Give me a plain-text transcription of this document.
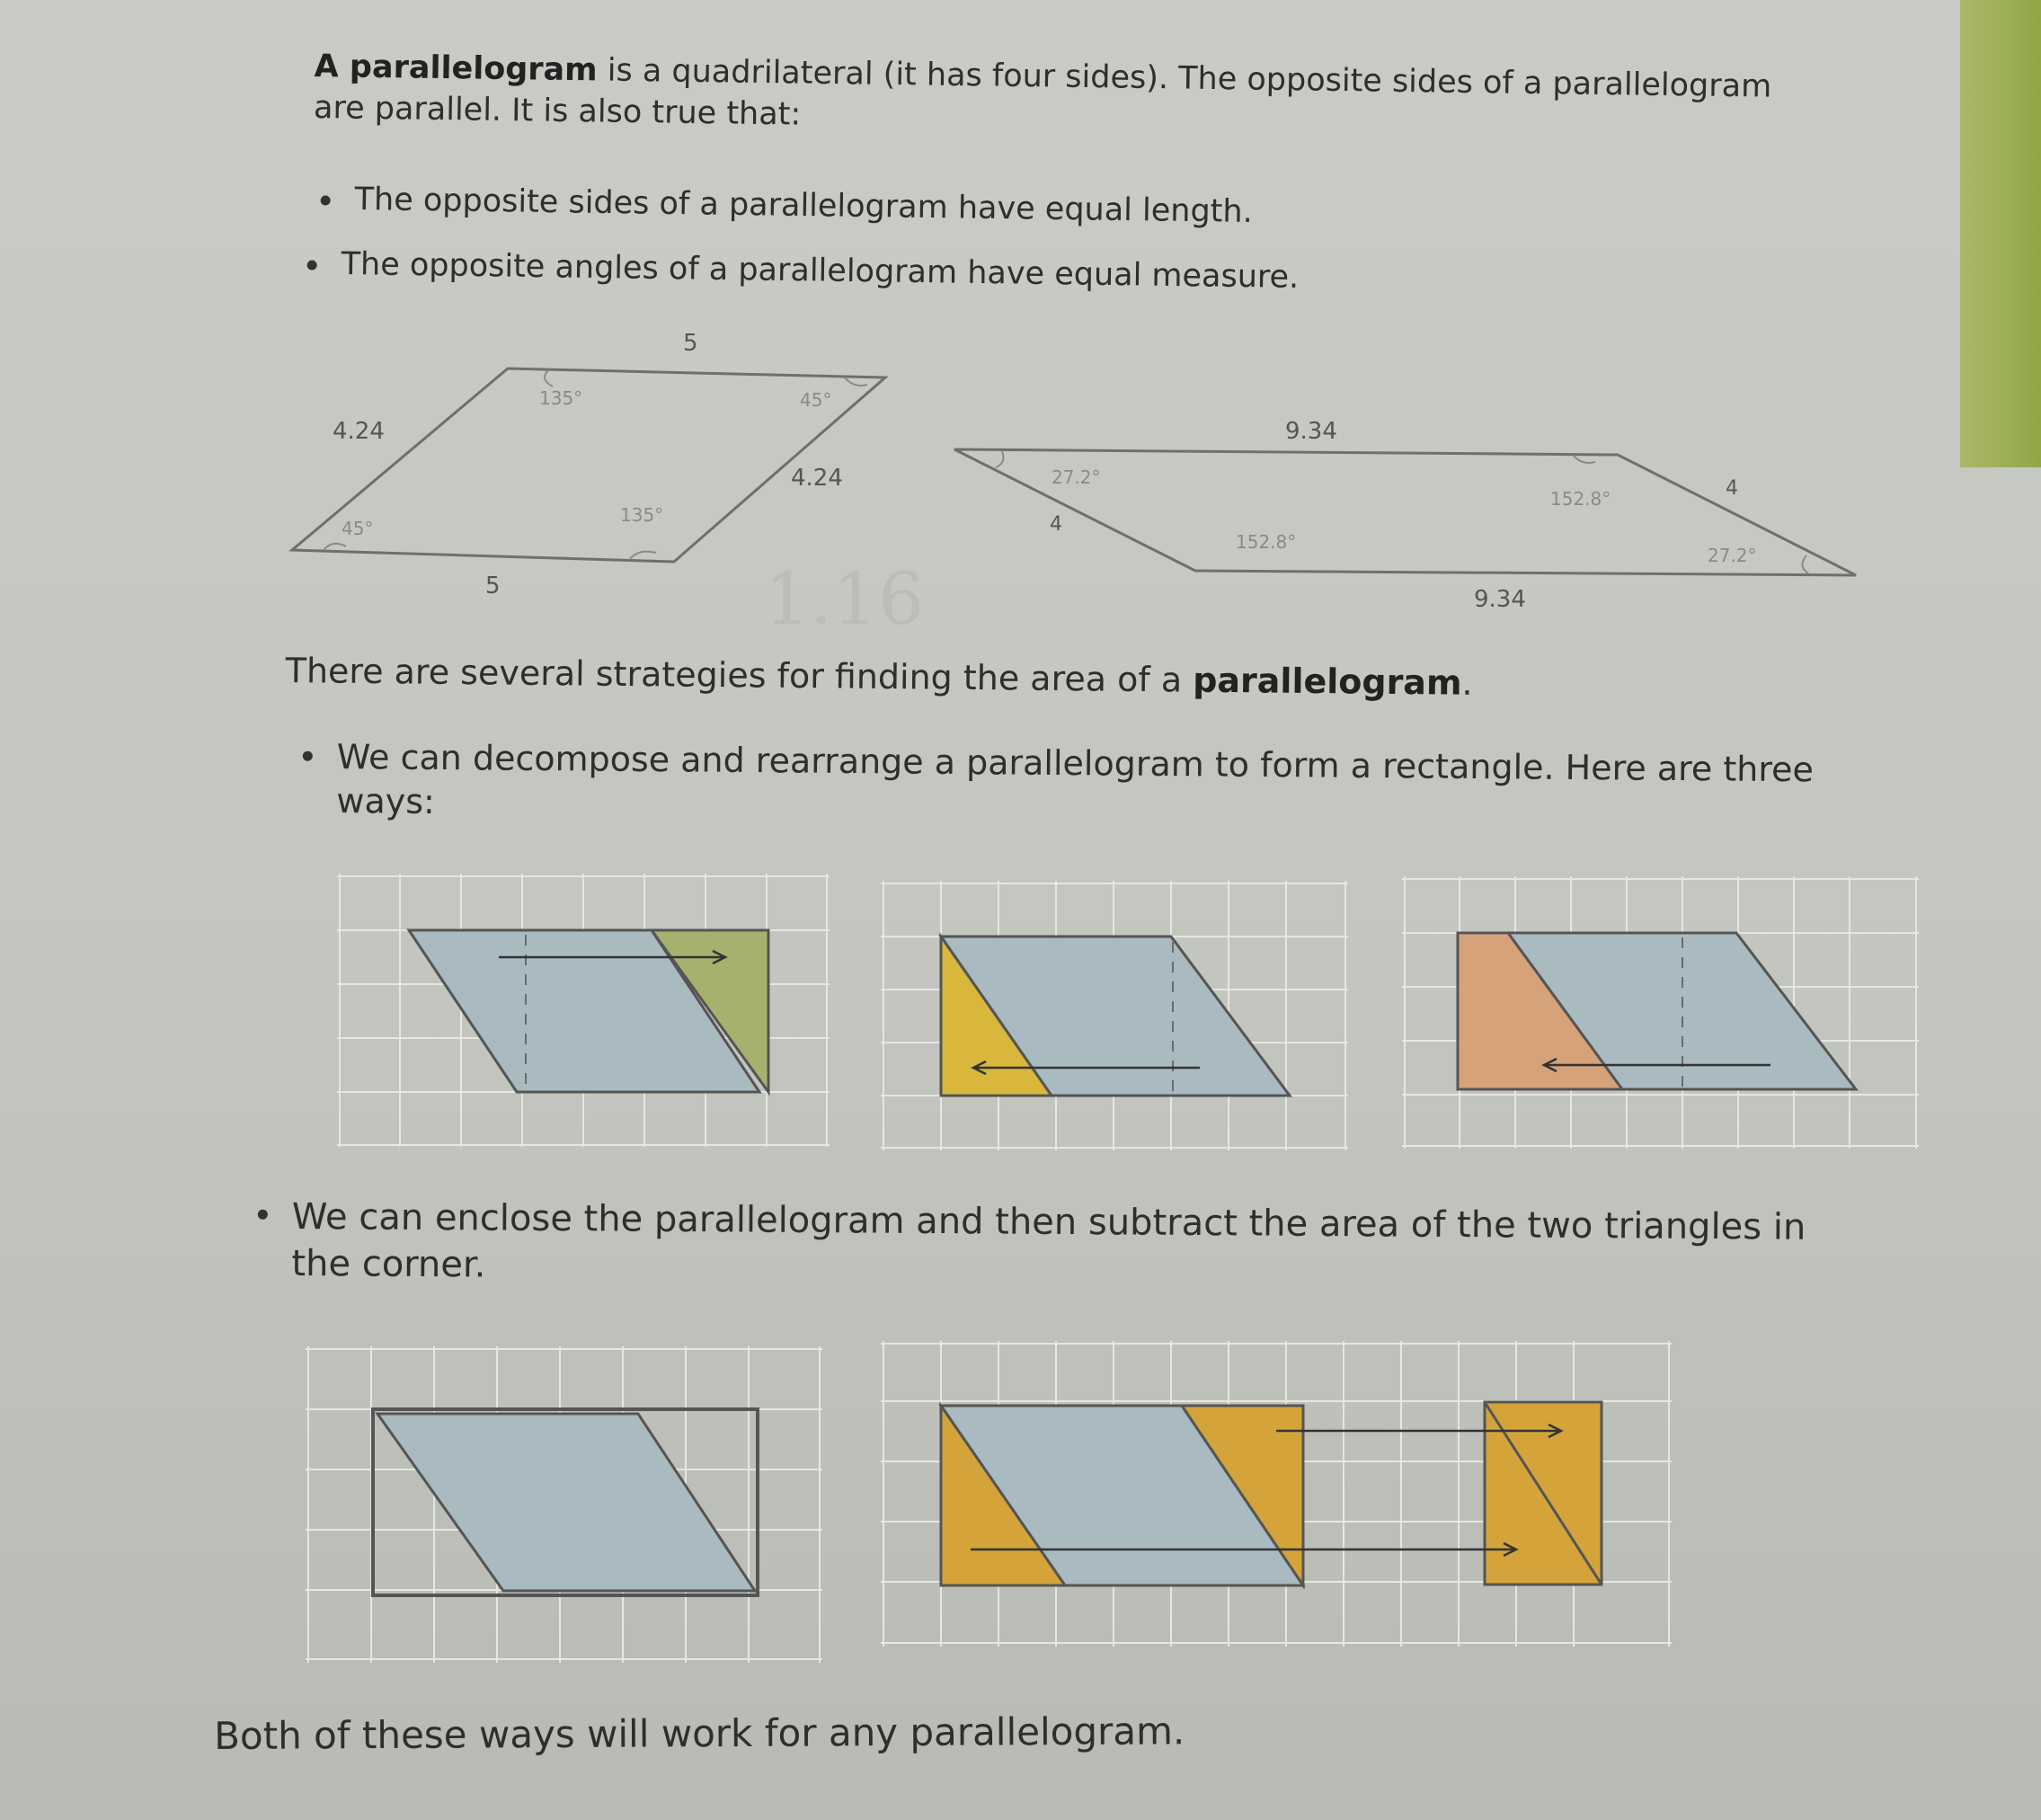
A parallelogram is a quadrilateral (it has four sides). The opposite sides of a parallelogram
are parallel. It is also true that:

The opposite sides of a parallelogram have equal length.

The opposite angles of a parallelogram have equal measure.

5
5
4.24
4.24
135°	45°
45°
135°
1.16
9.34
9.34
4
4
27.2°
152.8°
152.8°
27.2°

There are several strategies for finding the area of a parallelogram.

We can decompose and rearrange a parallelogram to form a rectangle. Here are three
ways:

We can enclose the parallelogram and then subtract the area of the two triangles in
the corner.

Both of these ways will work for any parallelogram.
